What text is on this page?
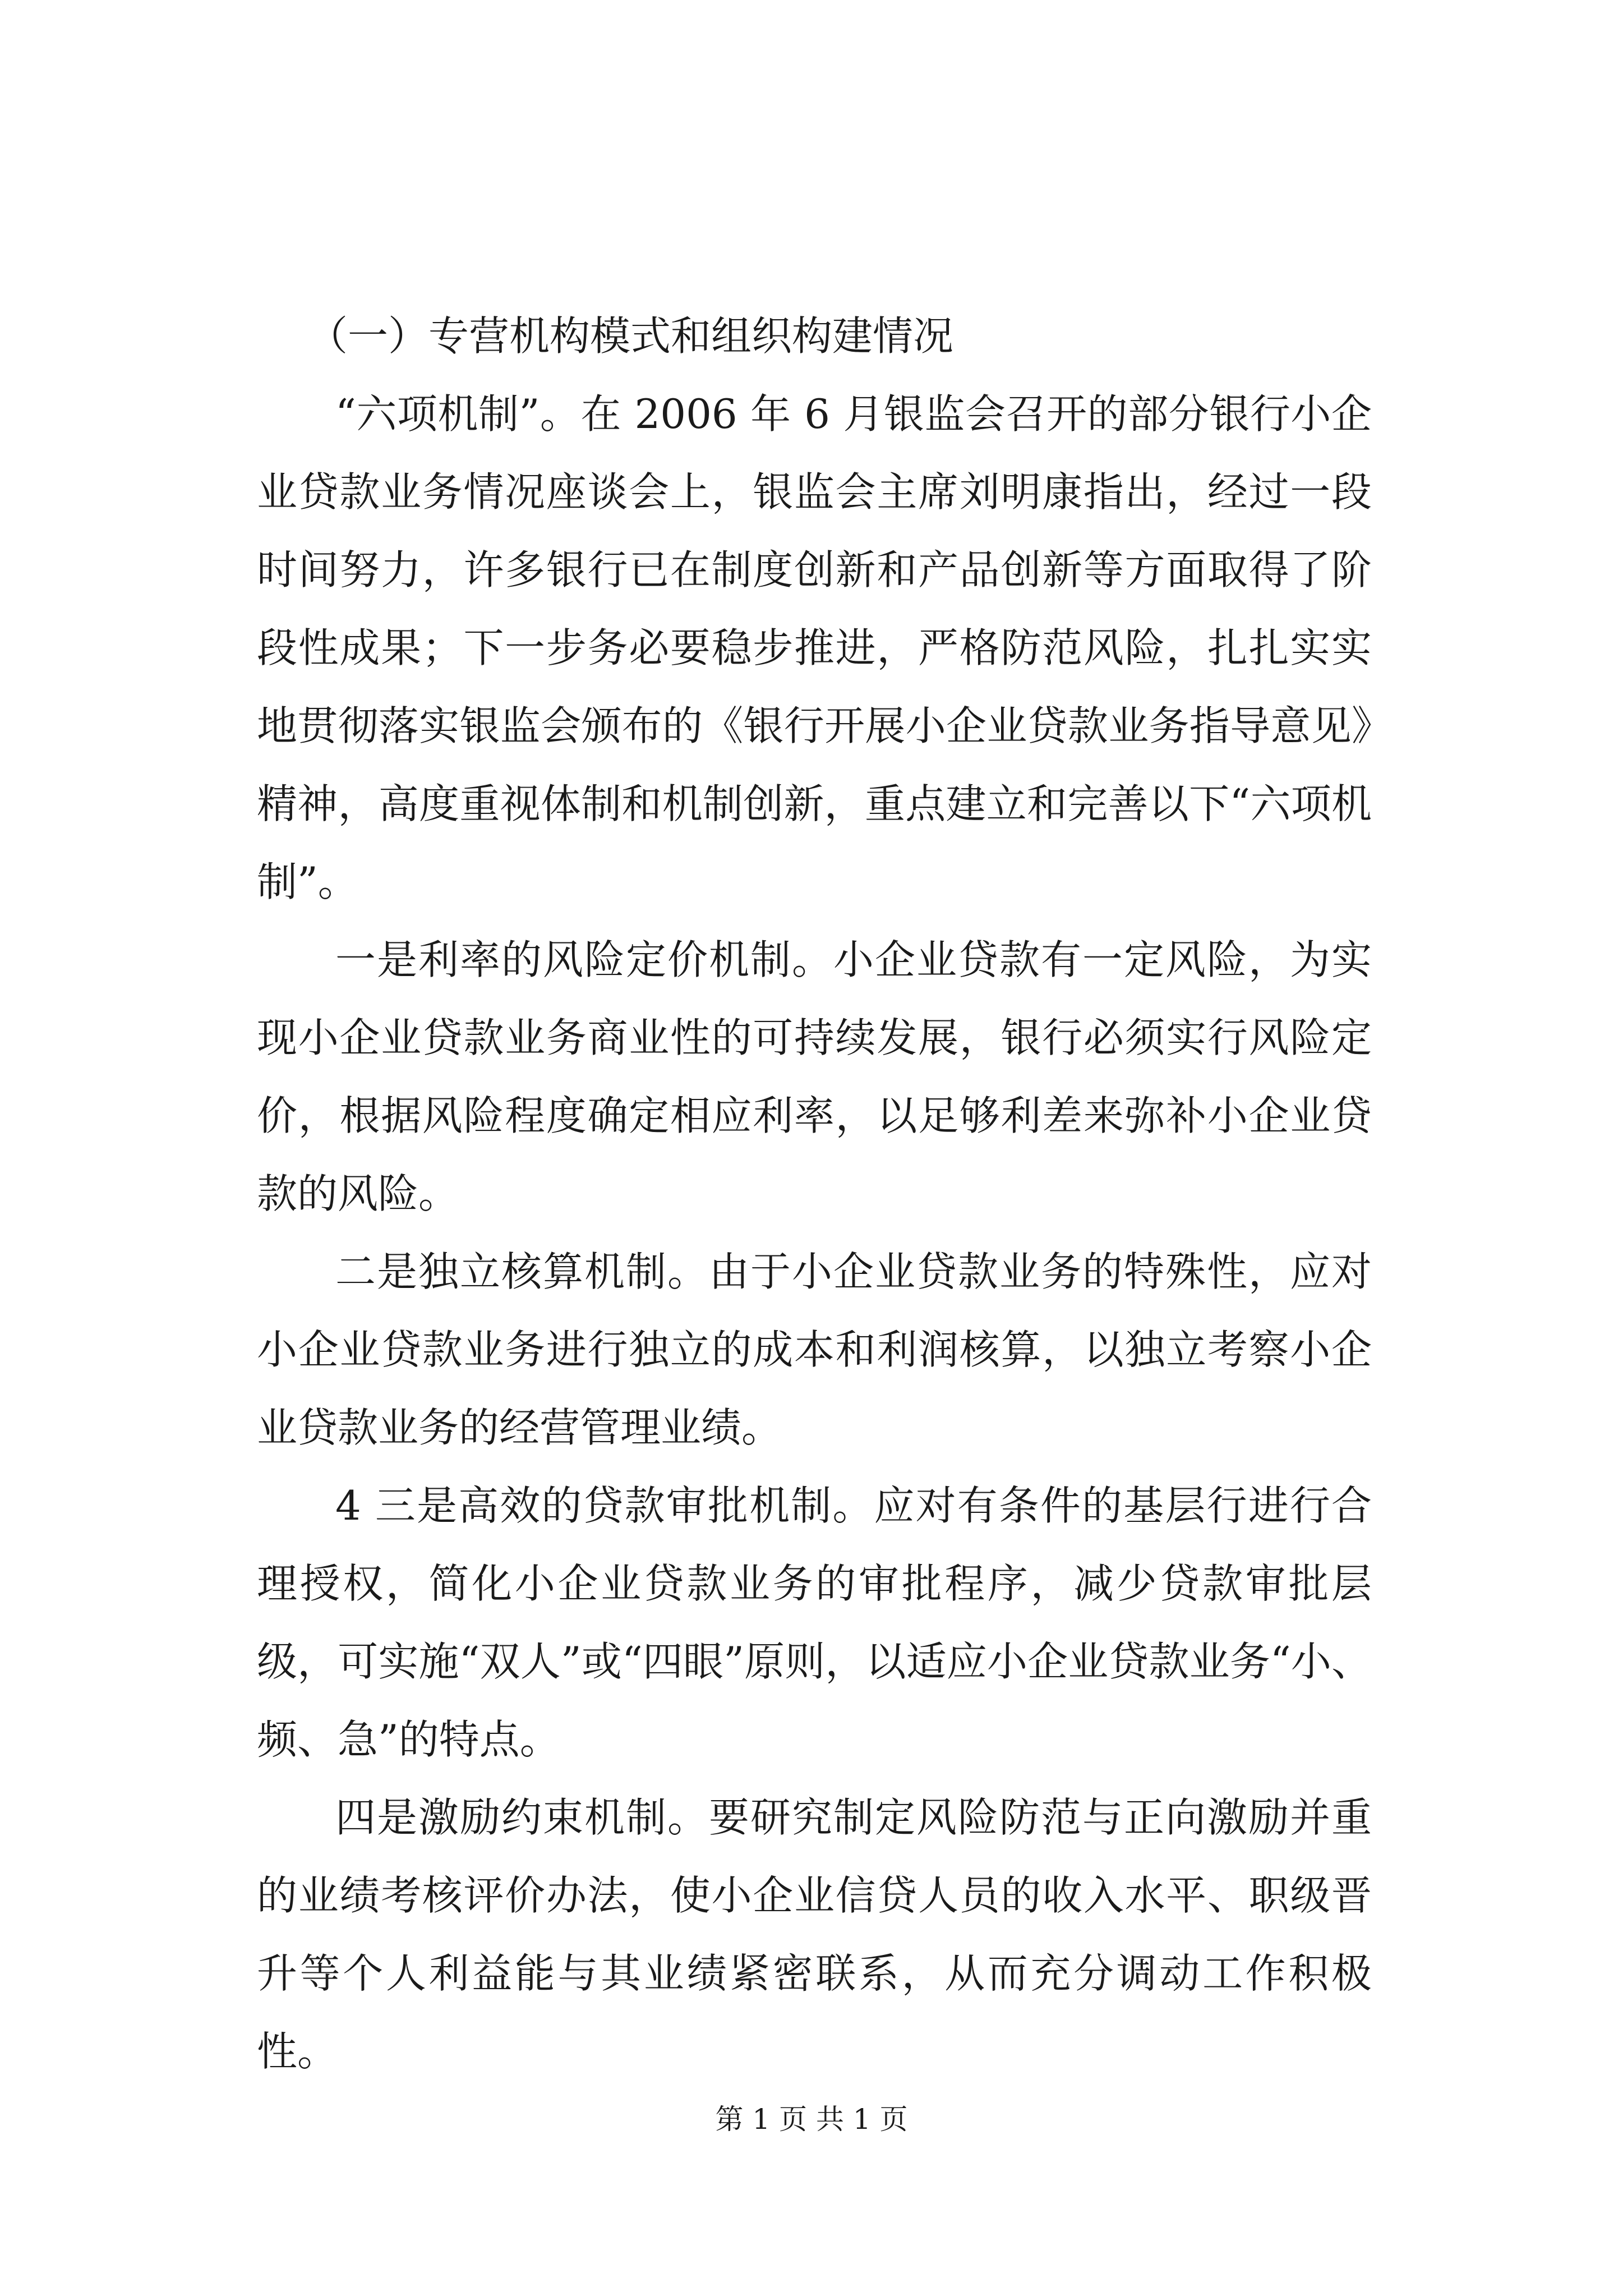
（一）专营机构模式和组织构建情况

“六项机制”。在 2006 年 6 月银监会召开的部分银行小企业贷款业务情况座谈会上，银监会主席刘明康指出，经过一段时间努力，许多银行已在制度创新和产品创新等方面取得了阶段性成果；下一步务必要稳步推进，严格防范风险，扎扎实实地贯彻落实银监会颁布的《银行开展小企业贷款业务指导意见》精神，高度重视体制和机制创新，重点建立和完善以下“六项机制”。

一是利率的风险定价机制。小企业贷款有一定风险，为实现小企业贷款业务商业性的可持续发展，银行必须实行风险定价，根据风险程度确定相应利率，以足够利差来弥补小企业贷款的风险。

二是独立核算机制。由于小企业贷款业务的特殊性，应对小企业贷款业务进行独立的成本和利润核算，以独立考察小企业贷款业务的经营管理业绩。

4 三是高效的贷款审批机制。应对有条件的基层行进行合理授权，简化小企业贷款业务的审批程序，减少贷款审批层级，可实施“双人”或“四眼”原则，以适应小企业贷款业务“小、频、急”的特点。

四是激励约束机制。要研究制定风险防范与正向激励并重的业绩考核评价办法，使小企业信贷人员的收入水平、职级晋升等个人利益能与其业绩紧密联系，从而充分调动工作积极性。

第 1 页 共 1 页
